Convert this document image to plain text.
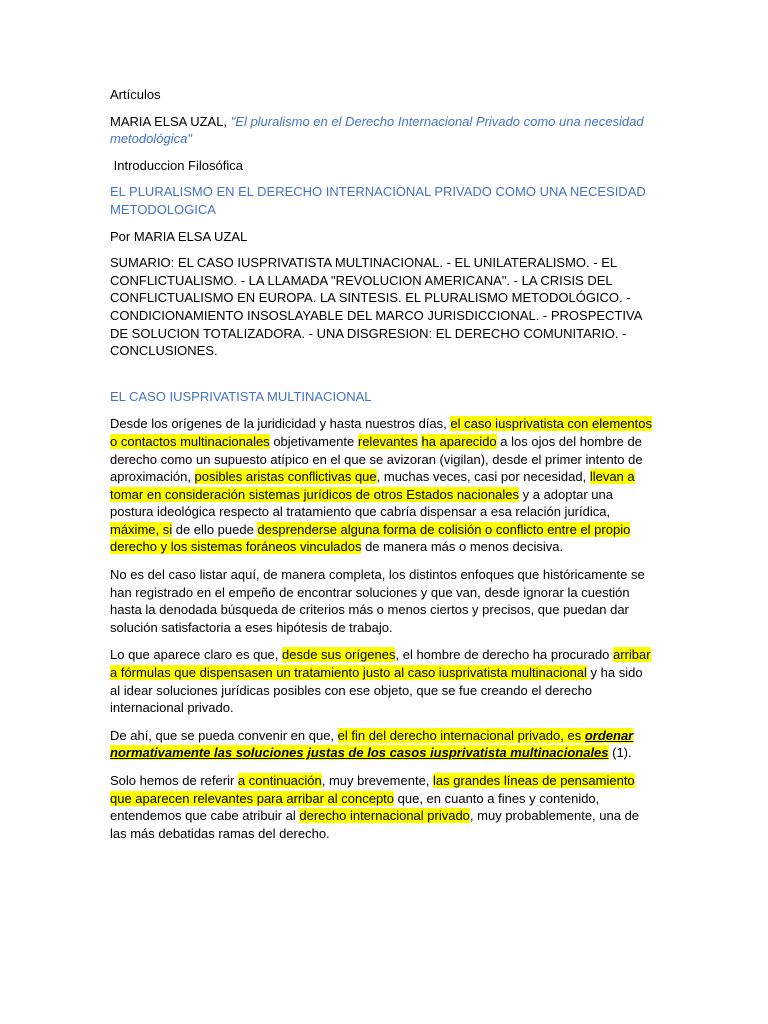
Artículos

MARIA ELSA UZAL, "El pluralismo en el Derecho Internacional Privado como una necesidad metodológica"

Introduccion Filosófica

EL PLURALISMO EN EL DERECHO INTERNACIONAL PRIVADO COMO UNA NECESIDAD METODOLOGICA

Por MARIA ELSA UZAL

SUMARIO: EL CASO IUSPRIVATISTA MULTINACIONAL. - EL UNILATERALISMO. - EL CONFLICTUALISMO. - LA LLAMADA "REVOLUCION AMERICANA". - LA CRISIS DEL CONFLICTUALISMO EN EUROPA. LA SINTESIS. EL PLURALISMO METODOLÓGICO. - CONDICIONAMIENTO INSOSLAYABLE DEL MARCO JURISDICCIONAL. - PROSPECTIVA DE SOLUCION TOTALIZADORA. - UNA DISGRESION: EL DERECHO COMUNITARIO. - CONCLUSIONES.

EL CASO IUSPRIVATISTA MULTINACIONAL

Desde los orígenes de la juridicidad y hasta nuestros días, el caso iusprivatista con elementos o contactos multinacionales objetivamente relevantes ha aparecido a los ojos del hombre de derecho como un supuesto atípico en el que se avizoran (vigilan), desde el primer intento de aproximación, posibles aristas conflictivas que, muchas veces, casi por necesidad, llevan a tomar en consideración sistemas jurídicos de otros Estados nacionales y a adoptar una postura ideológica respecto al tratamiento que cabría dispensar a esa relación jurídica, máxime, si de ello puede desprenderse alguna forma de colisión o conflicto entre el propio derecho y los sistemas foráneos vinculados de manera más o menos decisiva.

No es del caso listar aquí, de manera completa, los distintos enfoques que históricamente se han registrado en el empeño de encontrar soluciones y que van, desde ignorar la cuestión hasta la denodada búsqueda de criterios más o menos ciertos y precisos, que puedan dar solución satisfactoria a eses hipótesis de trabajo.

Lo que aparece claro es que, desde sus orígenes, el hombre de derecho ha procurado arribar a fórmulas que dispensasen un tratamiento justo al caso iusprivatista multinacional y ha sido al idear soluciones jurídicas posibles con ese objeto, que se fue creando el derecho internacional privado.

De ahí, que se pueda convenir en que, el fin del derecho internacional privado, es ordenar normativamente las soluciones justas de los casos iusprivatista multinacionales (1).

Solo hemos de referir a continuación, muy brevemente, las grandes líneas de pensamiento que aparecen relevantes para arribar al concepto que, en cuanto a fines y contenido, entendemos que cabe atribuir al derecho internacional privado, muy probablemente, una de las más debatidas ramas del derecho.
